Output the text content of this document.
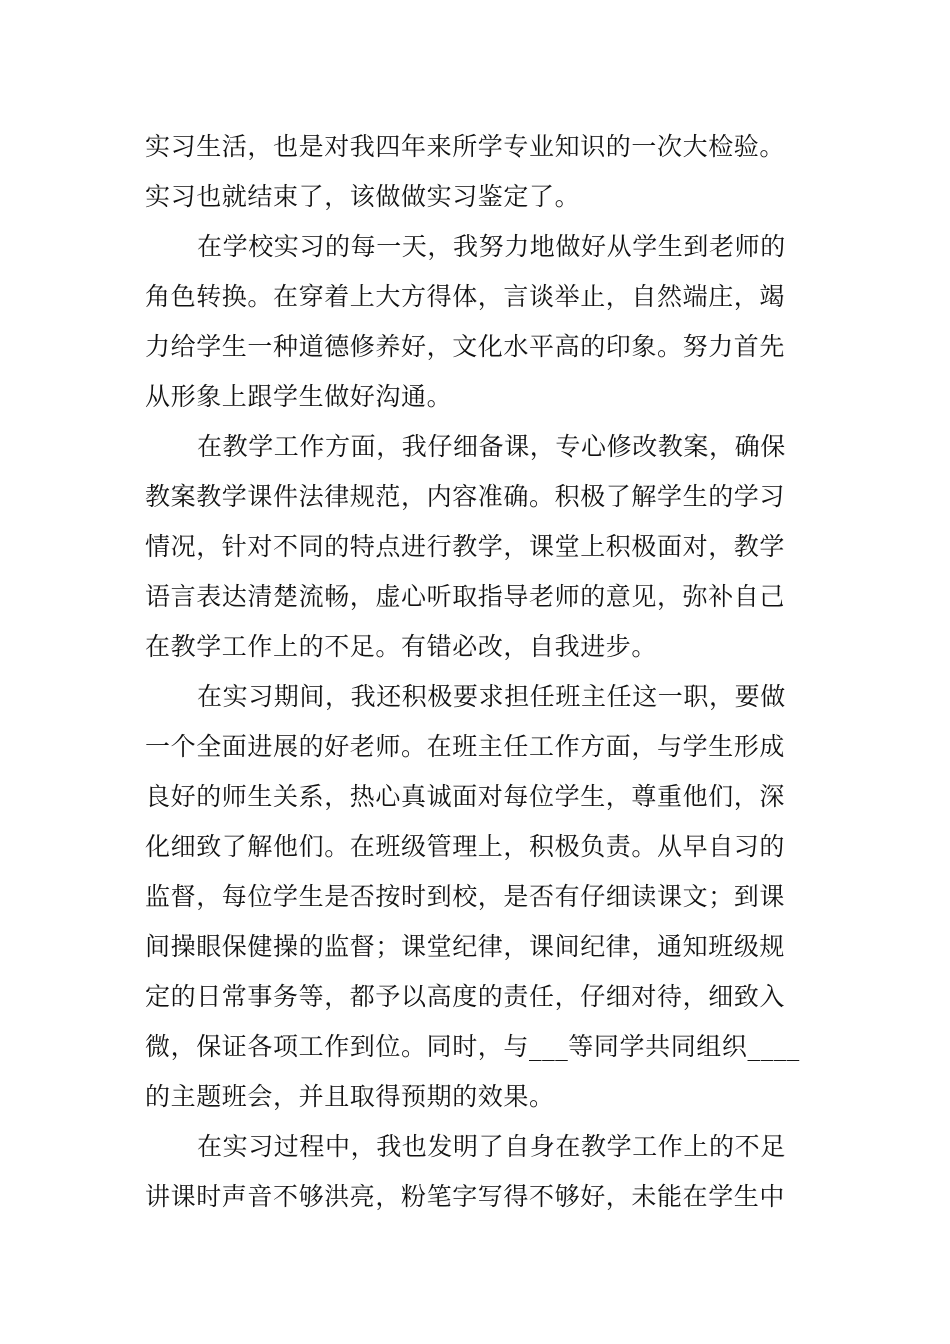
实习生活，也是对我四年来所学专业知识的一次大检验。
实习也就结束了，该做做实习鉴定了。
在学校实习的每一天，我努力地做好从学生到老师的
角色转换。在穿着上大方得体，言谈举止，自然端庄，竭
力给学生一种道德修养好，文化水平高的印象。努力首先
从形象上跟学生做好沟通。
在教学工作方面，我仔细备课，专心修改教案，确保
教案教学课件法律规范，内容准确。积极了解学生的学习
情况，针对不同的特点进行教学，课堂上积极面对，教学
语言表达清楚流畅，虚心听取指导老师的意见，弥补自己
在教学工作上的不足。有错必改，自我进步。
在实习期间，我还积极要求担任班主任这一职，要做
一个全面进展的好老师。在班主任工作方面，与学生形成
良好的师生关系，热心真诚面对每位学生，尊重他们，深
化细致了解他们。在班级管理上，积极负责。从早自习的
监督，每位学生是否按时到校，是否有仔细读课文；到课
间操眼保健操的监督；课堂纪律，课间纪律，通知班级规
定的日常事务等，都予以高度的责任，仔细对待，细致入
微，保证各项工作到位。同时，与___等同学共同组织____
的主题班会，并且取得预期的效果。
在实习过程中，我也发明了自身在教学工作上的不足
讲课时声音不够洪亮，粉笔字写得不够好，未能在学生中
